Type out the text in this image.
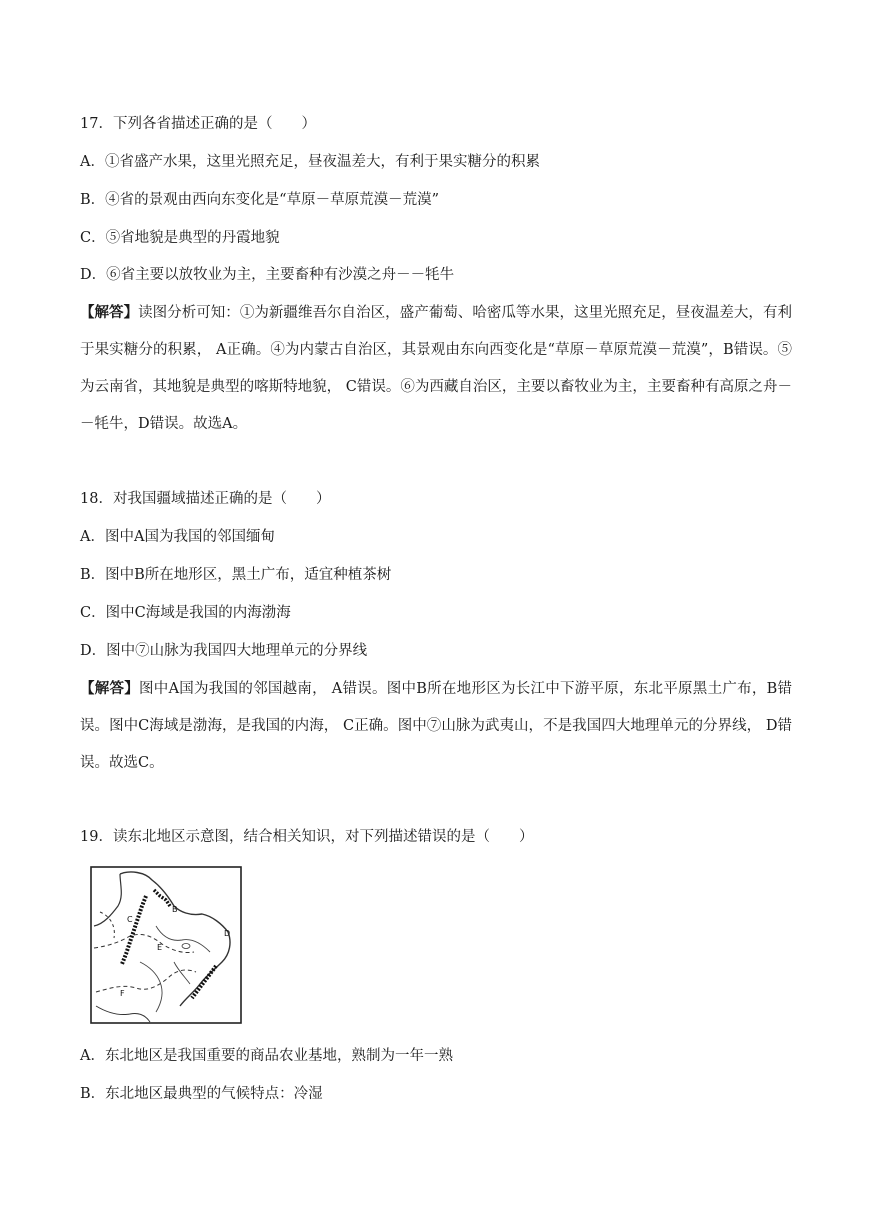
17．下列各省描述正确的是（　　）
A．①省盛产水果，这里光照充足，昼夜温差大，有利于果实糖分的积累
B．④省的景观由西向东变化是“草原－草原荒漠－荒漠”
C．⑤省地貌是典型的丹霞地貌
D．⑥省主要以放牧业为主，主要畜种有沙漠之舟－－牦牛
【解答】读图分析可知：①为新疆维吾尔自治区，盛产葡萄、哈密瓜等水果，这里光照充足，昼夜温差大，有利于果实糖分的积累， A正确。④为内蒙古自治区，其景观由东向西变化是“草原－草原荒漠－荒漠”，B错误。⑤为云南省，其地貌是典型的喀斯特地貌， C错误。⑥为西藏自治区，主要以畜牧业为主，主要畜种有高原之舟－－牦牛，D错误。故选A。
18．对我国疆域描述正确的是（　　）
A．图中A国为我国的邻国缅甸
B．图中B所在地形区，黑土广布，适宜种植茶树
C．图中C海域是我国的内海渤海
D．图中⑦山脉为我国四大地理单元的分界线
【解答】图中A国为我国的邻国越南， A错误。图中B所在地形区为长江中下游平原，东北平原黑土广布，B错误。图中C海域是渤海，是我国的内海， C正确。图中⑦山脉为武夷山，不是我国四大地理单元的分界线， D错误。故选C。
19．读东北地区示意图，结合相关知识，对下列描述错误的是（　　）
C
B
D
E
F
A．东北地区是我国重要的商品农业基地，熟制为一年一熟
B．东北地区最典型的气候特点：冷湿
